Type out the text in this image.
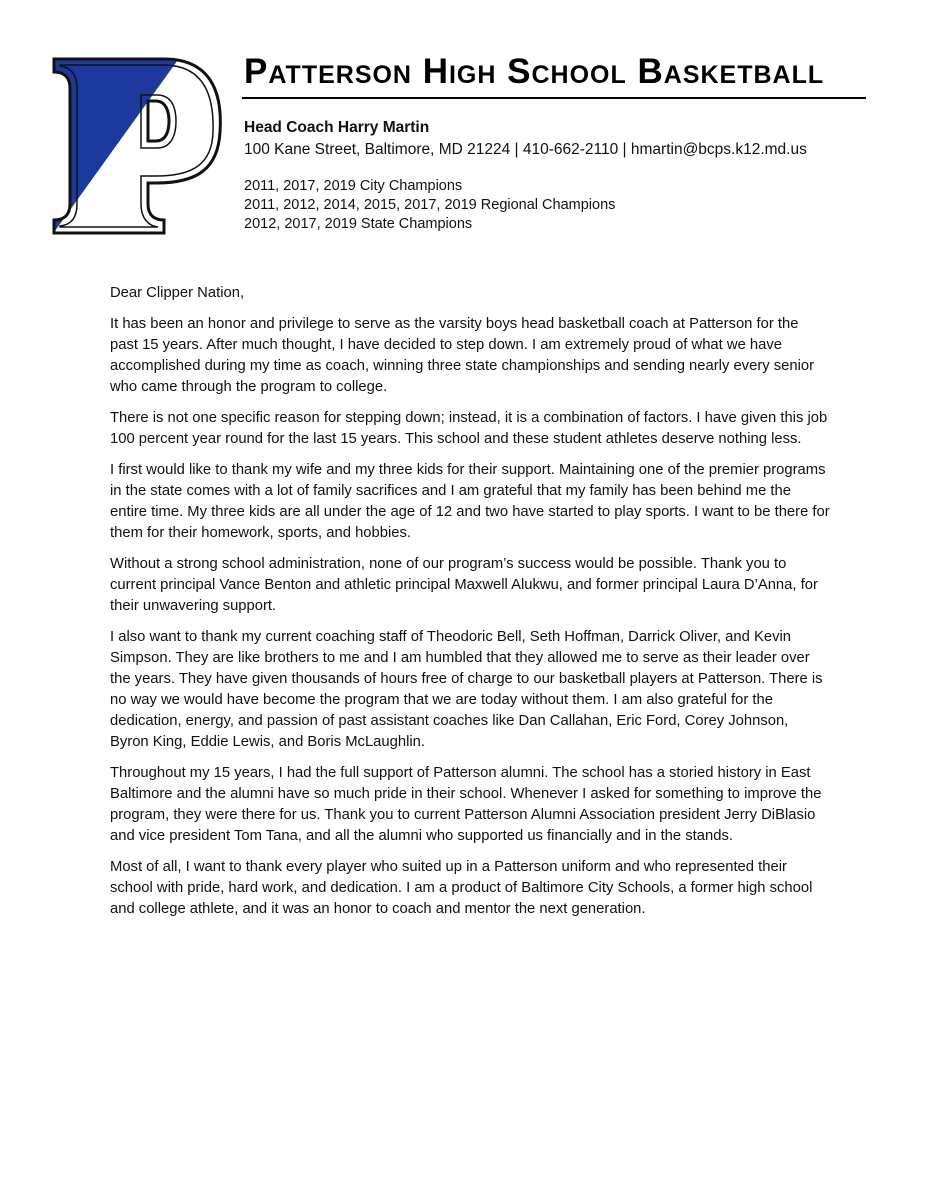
Patterson High School Basketball
Head Coach Harry Martin
100 Kane Street, Baltimore, MD 21224 | 410-662-2110 | hmartin@bcps.k12.md.us
2011, 2017, 2019 City Champions
2011, 2012, 2014, 2015, 2017, 2019 Regional Champions
2012, 2017, 2019 State Champions

Dear Clipper Nation,

It has been an honor and privilege to serve as the varsity boys head basketball coach at Patterson for the past 15 years. After much thought, I have decided to step down. I am extremely proud of what we have accomplished during my time as coach, winning three state championships and sending nearly every senior who came through the program to college.

There is not one specific reason for stepping down; instead, it is a combination of factors. I have given this job 100 percent year round for the last 15 years. This school and these student athletes deserve nothing less.

I first would like to thank my wife and my three kids for their support. Maintaining one of the premier programs in the state comes with a lot of family sacrifices and I am grateful that my family has been behind me the entire time. My three kids are all under the age of 12 and two have started to play sports. I want to be there for them for their homework, sports, and hobbies.

Without a strong school administration, none of our program’s success would be possible. Thank you to current principal Vance Benton and athletic principal Maxwell Alukwu, and former principal Laura D’Anna, for their unwavering support.

I also want to thank my current coaching staff of Theodoric Bell, Seth Hoffman, Darrick Oliver, and Kevin Simpson. They are like brothers to me and I am humbled that they allowed me to serve as their leader over the years. They have given thousands of hours free of charge to our basketball players at Patterson. There is no way we would have become the program that we are today without them. I am also grateful for the dedication, energy, and passion of past assistant coaches like Dan Callahan, Eric Ford, Corey Johnson, Byron King, Eddie Lewis, and Boris McLaughlin.

Throughout my 15 years, I had the full support of Patterson alumni. The school has a storied history in East Baltimore and the alumni have so much pride in their school. Whenever I asked for something to improve the program, they were there for us. Thank you to current Patterson Alumni Association president Jerry DiBlasio and vice president Tom Tana, and all the alumni who supported us financially and in the stands.

Most of all, I want to thank every player who suited up in a Patterson uniform and who represented their school with pride, hard work, and dedication. I am a product of Baltimore City Schools, a former high school and college athlete, and it was an honor to coach and mentor the next generation.
